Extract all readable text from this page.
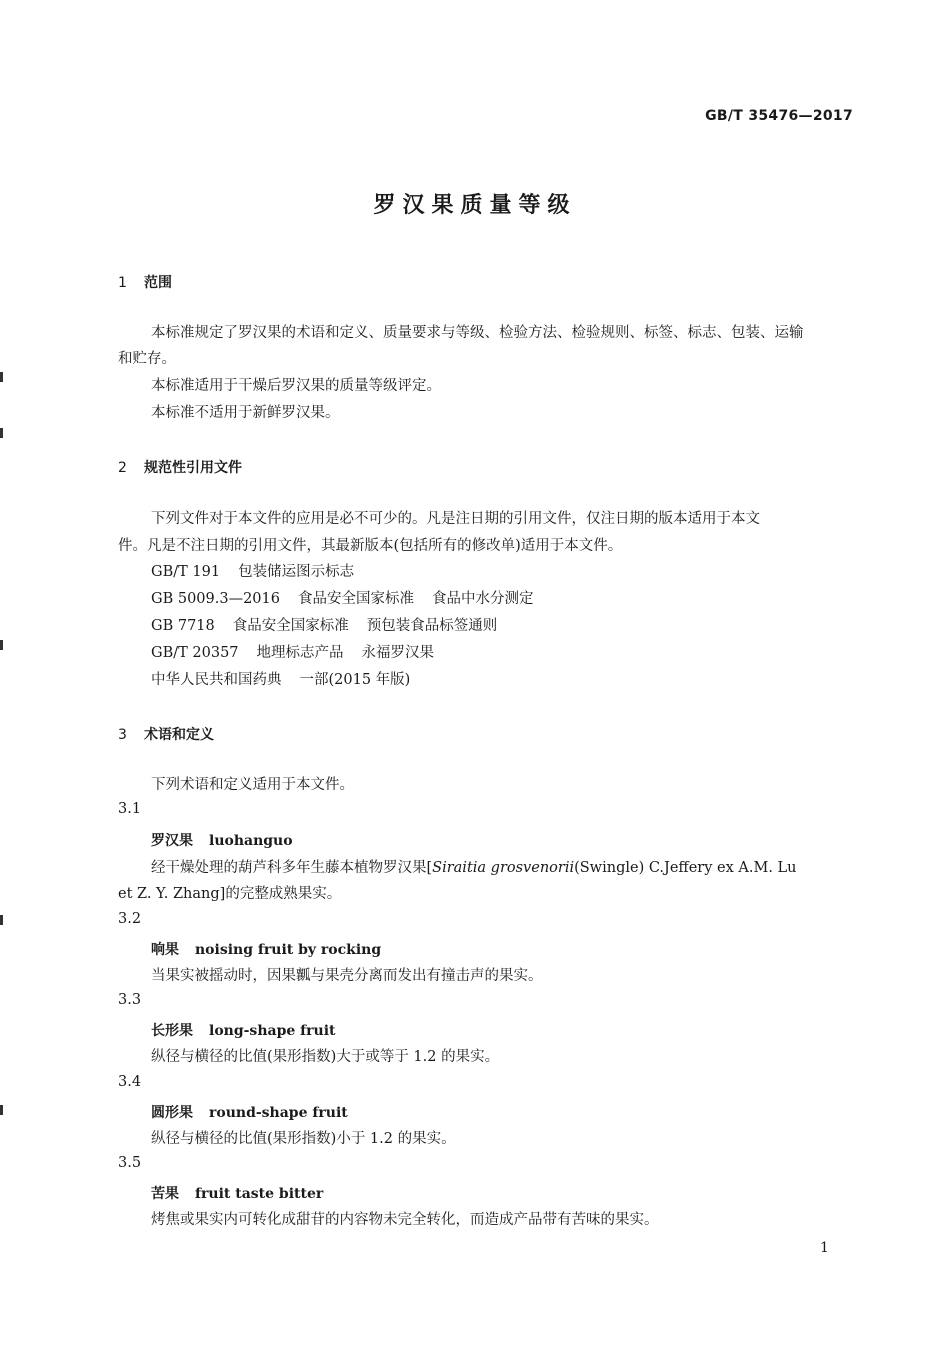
GB/T 35476—2017
罗汉果质量等级
1 范围
本标准规定了罗汉果的术语和定义、质量要求与等级、检验方法、检验规则、标签、标志、包装、运输
和贮存。
本标准适用于干燥后罗汉果的质量等级评定。
本标准不适用于新鲜罗汉果。
2 规范性引用文件
下列文件对于本文件的应用是必不可少的。凡是注日期的引用文件，仅注日期的版本适用于本文
件。凡是不注日期的引用文件，其最新版本(包括所有的修改单)适用于本文件。
GB/T 191 包装储运图示标志
GB 5009.3—2016 食品安全国家标准 食品中水分测定
GB 7718 食品安全国家标准 预包装食品标签通则
GB/T 20357 地理标志产品 永福罗汉果
中华人民共和国药典 一部(2015 年版)
3 术语和定义
下列术语和定义适用于本文件。
3.1
罗汉果 luohanguo
经干燥处理的葫芦科多年生藤本植物罗汉果[Siraitia grosvenorii(Swingle) C.Jeffery ex A.M. Lu
et Z. Y. Zhang]的完整成熟果实。
3.2
响果 noising fruit by rocking
当果实被摇动时，因果瓤与果壳分离而发出有撞击声的果实。
3.3
长形果 long-shape fruit
纵径与横径的比值(果形指数)大于或等于 1.2 的果实。
3.4
圆形果 round-shape fruit
纵径与横径的比值(果形指数)小于 1.2 的果实。
3.5
苦果 fruit taste bitter
烤焦或果实内可转化成甜苷的内容物未完全转化，而造成产品带有苦味的果实。
1
